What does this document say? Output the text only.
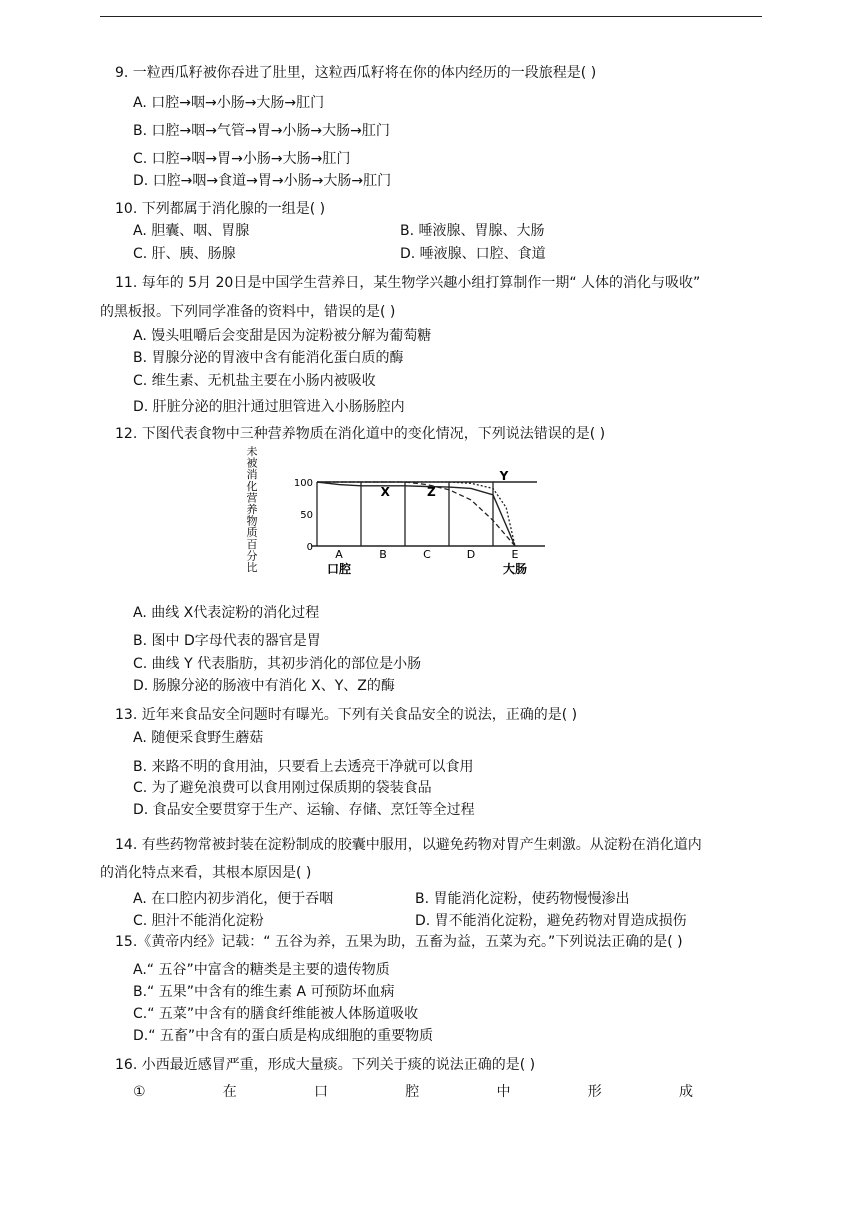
9. 一粒西瓜籽被你吞进了肚里，这粒西瓜籽将在你的体内经历的一段旅程是( )
A. 口腔→咽→小肠→大肠→肛门
B. 口腔→咽→气管→胃→小肠→大肠→肛门
C. 口腔→咽→胃→小肠→大肠→肛门
D. 口腔→咽→食道→胃→小肠→大肠→肛门
10. 下列都属于消化腺的一组是( )
A. 胆囊、咽、胃腺	B. 唾液腺、胃腺、大肠
C. 肝、胰、肠腺	D. 唾液腺、口腔、食道
11. 每年的 5月 20日是中国学生营养日，某生物学兴趣小组打算制作一期“ 人体的消化与吸收”
的黑板报。下列同学准备的资料中，错误的是( )
A. 馒头咀嚼后会变甜是因为淀粉被分解为葡萄糖
B. 胃腺分泌的胃液中含有能消化蛋白质的酶
C. 维生素、无机盐主要在小肠内被吸收
D. 肝脏分泌的胆汁通过胆管进入小肠肠腔内
12. 下图代表食物中三种营养物质在消化道中的变化情况，下列说法错误的是( )
未
被
消
化
营
养
物
质
百
分
比
100
50
0
X
Y
Z
A
口腔
B	C	D	E
大肠
A. 曲线 X代表淀粉的消化过程
B. 图中 D字母代表的器官是胃
C. 曲线 Y 代表脂肪，其初步消化的部位是小肠
D. 肠腺分泌的肠液中有消化 X、Y、Z的酶
13. 近年来食品安全问题时有曝光。下列有关食品安全的说法，正确的是( )
A. 随便采食野生蘑菇
B. 来路不明的食用油，只要看上去透亮干净就可以食用
C. 为了避免浪费可以食用刚过保质期的袋装食品
D. 食品安全要贯穿于生产、运输、存储、烹饪等全过程
14. 有些药物常被封装在淀粉制成的胶囊中服用，以避免药物对胃产生刺激。从淀粉在消化道内
的消化特点来看，其根本原因是( )
A. 在口腔内初步消化，便于吞咽	B. 胃能消化淀粉，使药物慢慢渗出
C. 胆汁不能消化淀粉	D. 胃不能消化淀粉，避免药物对胃造成损伤
15.《黄帝内经》记载：“ 五谷为养，五果为助，五畜为益，五菜为充。”下列说法正确的是( )
A.“ 五谷”中富含的糖类是主要的遗传物质
B.“ 五果”中含有的维生素 A 可预防坏血病
C.“ 五菜”中含有的膳食纤维能被人体肠道吸收
D.“ 五畜”中含有的蛋白质是构成细胞的重要物质
16. 小西最近感冒严重，形成大量痰。下列关于痰的说法正确的是( )
①	在	口	腔	中	形	成
